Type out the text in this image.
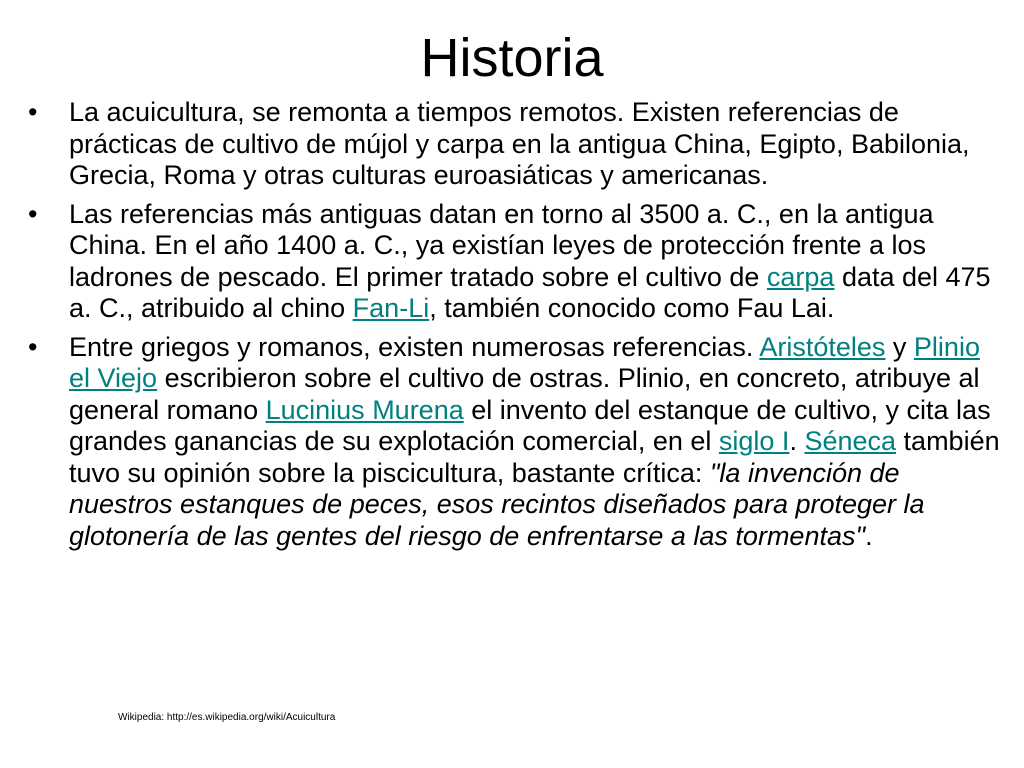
Historia
•	La acuicultura, se remonta a tiempos remotos. Existen referencias de prácticas de cultivo de mújol y carpa en la antigua China, Egipto, Babilonia, Grecia, Roma y otras culturas euroasiáticas y americanas.
•	Las referencias más antiguas datan en torno al 3500 a. C., en la antigua China. En el año 1400 a. C., ya existían leyes de protección frente a los ladrones de pescado. El primer tratado sobre el cultivo de carpa data del 475 a. C., atribuido al chino Fan-Li, también conocido como Fau Lai.
•	Entre griegos y romanos, existen numerosas referencias. Aristóteles y Plinio el Viejo escribieron sobre el cultivo de ostras. Plinio, en concreto, atribuye al general romano Lucinius Murena el invento del estanque de cultivo, y cita las grandes ganancias de su explotación comercial, en el siglo I. Séneca también tuvo su opinión sobre la piscicultura, bastante crítica: "la invención de nuestros estanques de peces, esos recintos diseñados para proteger la glotonería de las gentes del riesgo de enfrentarse a las tormentas".
Wikipedia: http://es.wikipedia.org/wiki/Acuicultura
